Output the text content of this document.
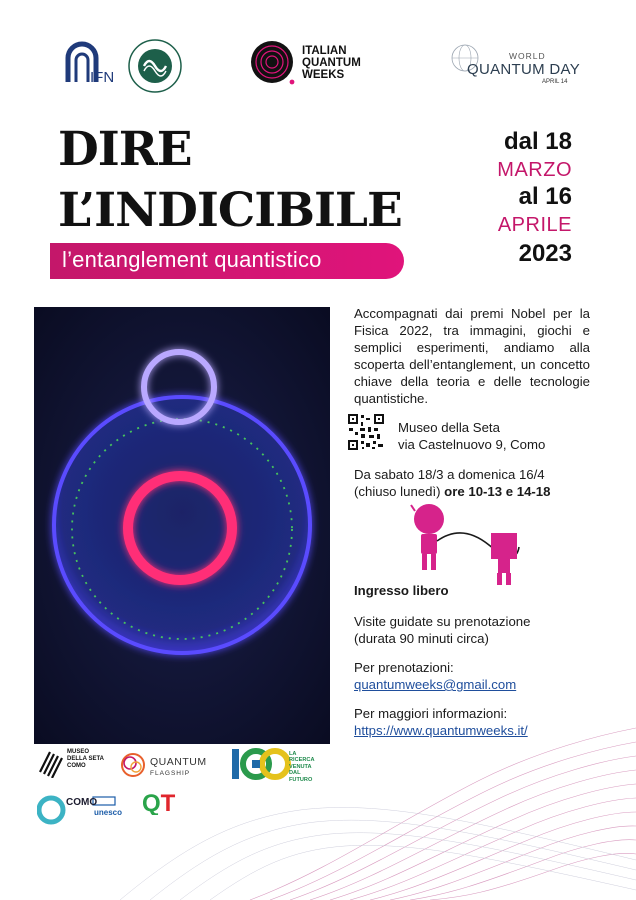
IFN
ITALIAN
QUANTUM
WEEKS
WORLD
QUANTUM DAY
APRIL 14
DIRE
L’INDICIBILE
l’entanglement quantistico
dal 18
MARZO
al 16
APRILE
2023
Accompagnati dai premi Nobel per la Fisica 2022, tra immagini, giochi e semplici esperimenti, andiamo alla scoperta dell’entanglement, un concetto chiave della teoria e delle tecnologie quantistiche.
Museo della Seta
via Castelnuovo 9, Como
Da sabato 18/3 a domenica 16/4
(chiuso lunedì) ore 10-13 e 14-18
Ingresso libero
Visite guidate su prenotazione
(durata 90 minuti circa)
Per prenotazioni:
quantumweeks@gmail.com
Per maggiori informazioni:
https://www.quantumweeks.it/
MUSEO
DELLA SETA
COMO	QUANTUM
FLAGSHIP
LA
RICERCA
VENUTA
DAL
FUTURO
COMO
unesco QT
